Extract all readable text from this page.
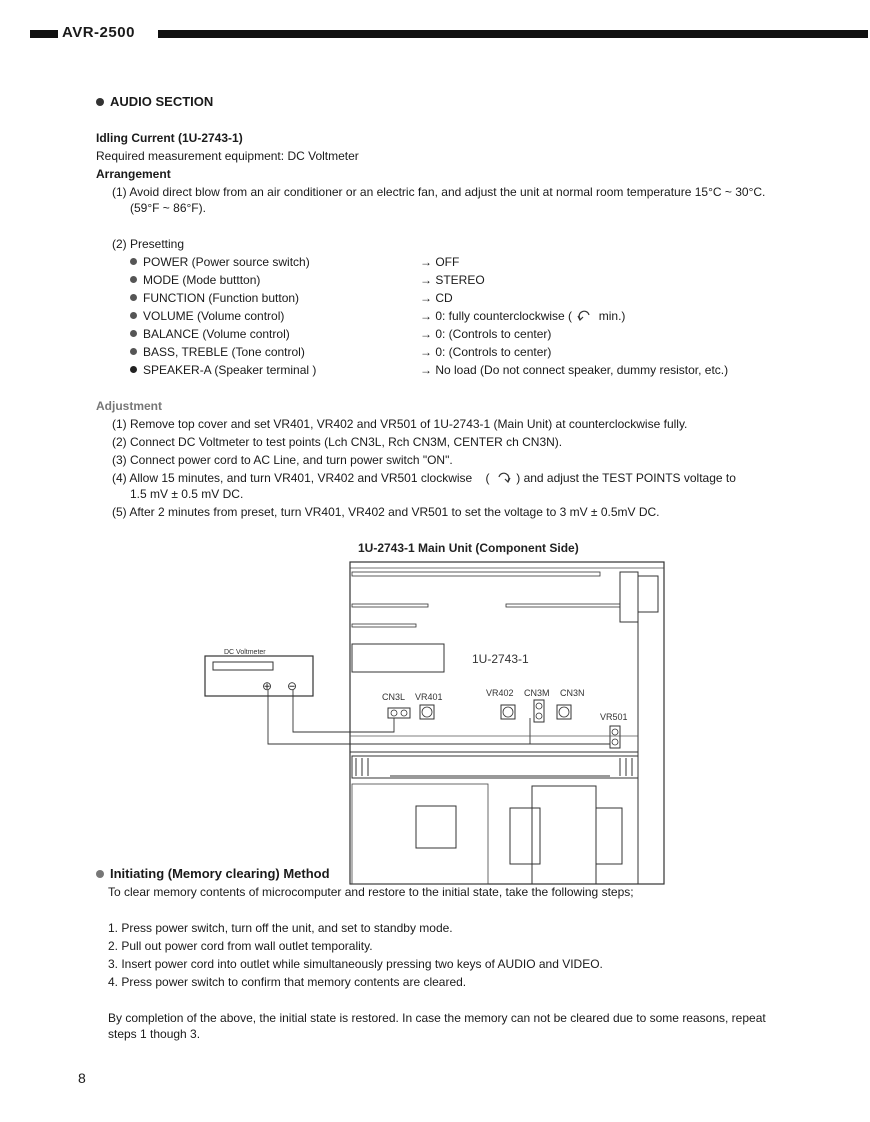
AVR-2500
AUDIO SECTION
Idling Current (1U-2743-1)
Required measurement equipment: DC Voltmeter
Arrangement
(1) Avoid direct blow from an air conditioner or an electric fan, and adjust the unit at normal room temperature 15°C ~ 30°C.
(59°F ~ 86°F).
(2) Presetting
POWER (Power source switch)	→ OFF
MODE (Mode buttton)	→ STEREO
FUNCTION (Function button)	→ CD
VOLUME (Volume control)	→ 0: fully counterclockwise ( min.)
BALANCE (Volume control)	→ 0: (Controls to center)
BASS, TREBLE (Tone control)	→ 0: (Controls to center)
SPEAKER-A (Speaker terminal )	→ No load (Do not connect speaker, dummy resistor, etc.)
Adjustment
(1) Remove top cover and set VR401, VR402 and VR501 of 1U-2743-1 (Main Unit) at counterclockwise fully.
(2) Connect DC Voltmeter to test points (Lch CN3L, Rch CN3M, CENTER ch CN3N).
(3) Connect power cord to AC Line, and turn power switch "ON".
(4) Allow 15 minutes, and turn VR401, VR402 and VR501 clockwise ( ) and adjust the TEST POINTS voltage to
1.5 mV ± 0.5 mV DC.
(5) After 2 minutes from preset, turn VR401, VR402 and VR501 to set the voltage to 3 mV ± 0.5mV DC.
1U-2743-1 Main Unit (Component Side)
1U-2743-1
DC Voltmeter
⊕ ⊖
CN3L VR401	VR402 CN3M CN3N
VR501
Initiating (Memory clearing) Method
To clear memory contents of microcomputer and restore to the initial state, take the following steps;
1. Press power switch, turn off the unit, and set to standby mode.
2. Pull out power cord from wall outlet temporality.
3. Insert power cord into outlet while simultaneously pressing two keys of AUDIO and VIDEO.
4. Press power switch to confirm that memory contents are cleared.
By completion of the above, the initial state is restored. In case the memory can not be cleared due to some reasons, repeat
steps 1 though 3.
8
